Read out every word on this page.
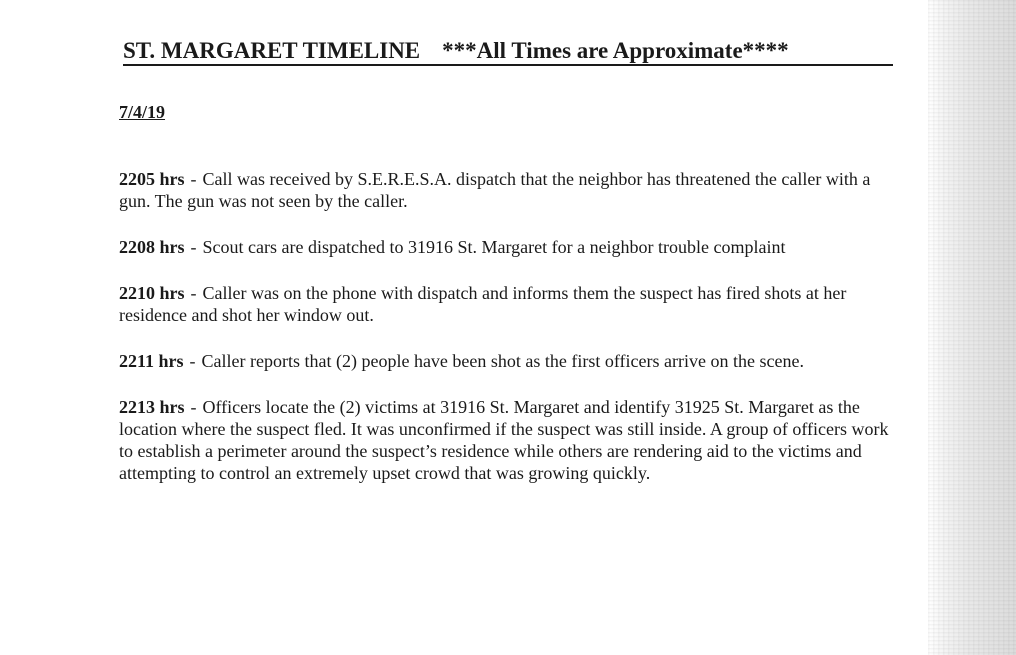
ST. MARGARET TIMELINE ***All Times are Approximate****
7/4/19

2205 hrs - Call was received by S.E.R.E.S.A. dispatch that the neighbor has threatened the caller with a gun. The gun was not seen by the caller.

2208 hrs - Scout cars are dispatched to 31916 St. Margaret for a neighbor trouble complaint

2210 hrs - Caller was on the phone with dispatch and informs them the suspect has fired shots at her residence and shot her window out.

2211 hrs - Caller reports that (2) people have been shot as the first officers arrive on the scene.

2213 hrs - Officers locate the (2) victims at 31916 St. Margaret and identify 31925 St. Margaret as the location where the suspect fled. It was unconfirmed if the suspect was still inside. A group of officers work to establish a perimeter around the suspect’s residence while others are rendering aid to the victims and attempting to control an extremely upset crowd that was growing quickly.
